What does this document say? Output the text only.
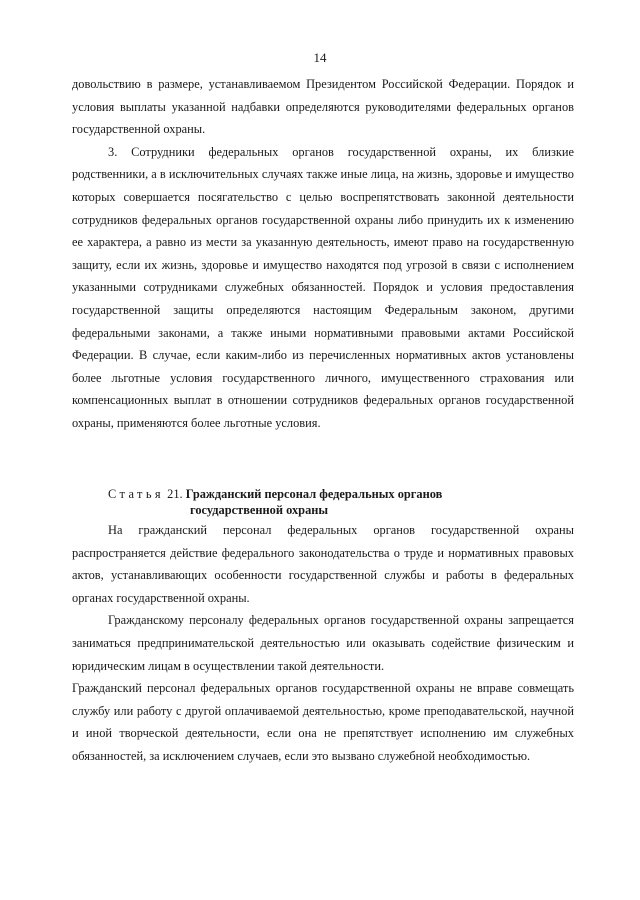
14

довольствию в размере, устанавливаемом Президентом Российской Федерации. Порядок и условия выплаты указанной надбавки определяются руководителями федеральных органов государственной охраны.

3. Сотрудники федеральных органов государственной охраны, их близкие родственники, а в исключительных случаях также иные лица, на жизнь, здоровье и имущество которых совершается посягательство с целью воспрепятствовать законной деятельности сотрудников федеральных органов государственной охраны либо принудить их к изменению ее характера, а равно из мести за указанную деятельность, имеют право на государственную защиту, если их жизнь, здоровье и имущество находятся под угрозой в связи с исполнением указанными сотрудниками служебных обязанностей. Порядок и условия предоставления государственной защиты определяются настоящим Федеральным законом, другими федеральными законами, а также иными нормативными правовыми актами Российской Федерации. В случае, если каким-либо из перечисленных нормативных актов установлены более льготные условия государственного личного, имущественного страхования или компенсационных выплат в отношении сотрудников федеральных органов государственной охраны, применяются более льготные условия.

Статья 21. Гражданский персонал федеральных органов
государственной охраны

На гражданский персонал федеральных органов государственной охраны распространяется действие федерального законодательства о труде и нормативных правовых актов, устанавливающих особенности государственной службы и работы в федеральных органах государственной охраны.

Гражданскому персоналу федеральных органов государственной охраны запрещается заниматься предпринимательской деятельностью или оказывать содействие физическим и юридическим лицам в осуществлении такой деятельности.

Гражданский персонал федеральных органов государственной охраны не вправе совмещать службу или работу с другой оплачиваемой деятельностью, кроме преподавательской, научной и иной творческой деятельности, если она не препятствует исполнению им служебных обязанностей, за исключением случаев, если это вызвано служебной необходимостью.
